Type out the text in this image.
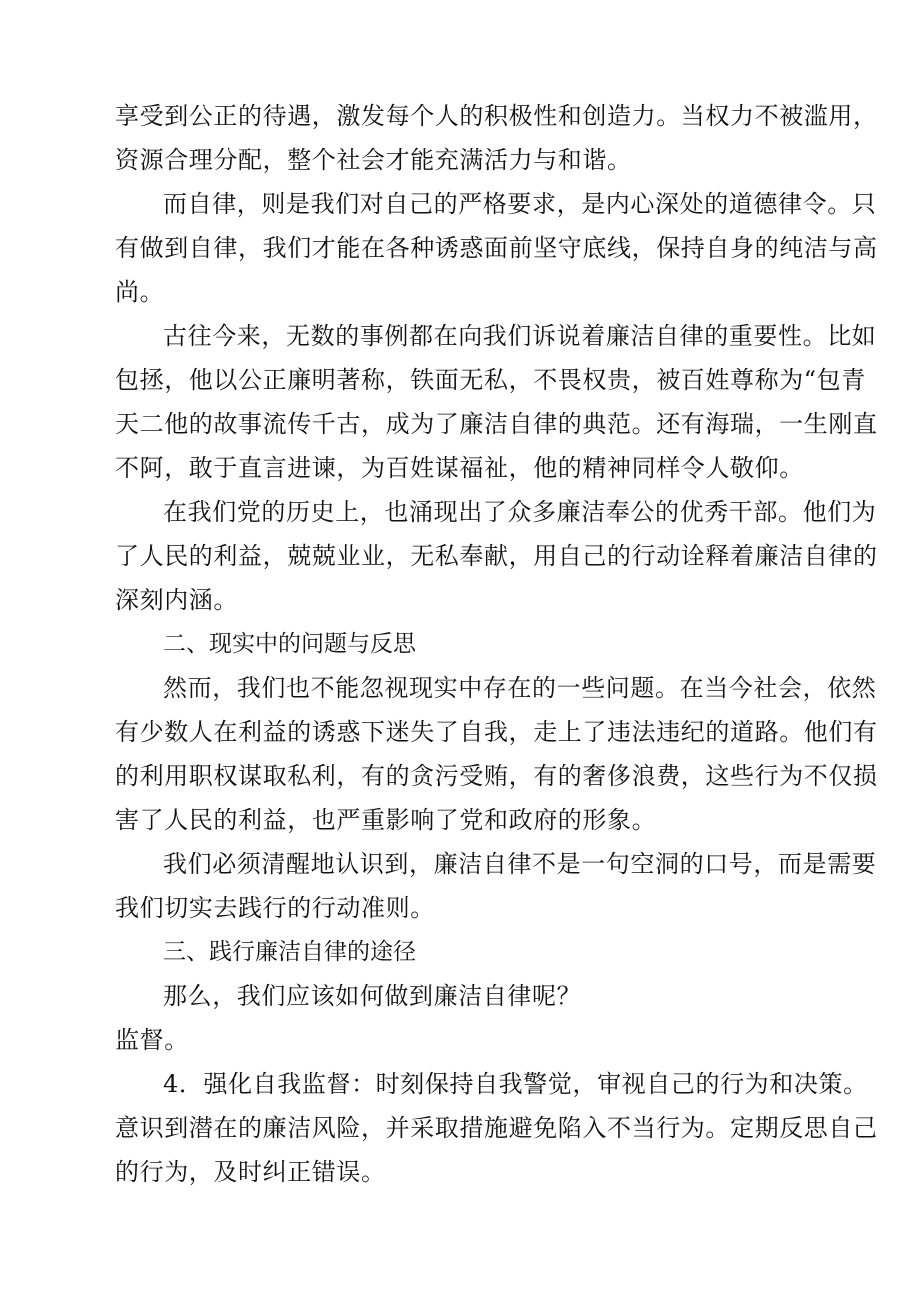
享受到公正的待遇，激发每个人的积极性和创造力。当权力不被滥用，
资源合理分配，整个社会才能充满活力与和谐。
而自律，则是我们对自己的严格要求，是内心深处的道德律令。只
有做到自律，我们才能在各种诱惑面前坚守底线，保持自身的纯洁与高
尚。
古往今来，无数的事例都在向我们诉说着廉洁自律的重要性。比如
包拯，他以公正廉明著称，铁面无私，不畏权贵，被百姓尊称为“包青
天二他的故事流传千古，成为了廉洁自律的典范。还有海瑞，一生刚直
不阿，敢于直言进谏，为百姓谋福祉，他的精神同样令人敬仰。
在我们党的历史上，也涌现出了众多廉洁奉公的优秀干部。他们为
了人民的利益，兢兢业业，无私奉献，用自己的行动诠释着廉洁自律的
深刻内涵。
二、现实中的问题与反思
然而，我们也不能忽视现实中存在的一些问题。在当今社会，依然
有少数人在利益的诱惑下迷失了自我，走上了违法违纪的道路。他们有
的利用职权谋取私利，有的贪污受贿，有的奢侈浪费，这些行为不仅损
害了人民的利益，也严重影响了党和政府的形象。
我们必须清醒地认识到，廉洁自律不是一句空洞的口号，而是需要
我们切实去践行的行动准则。
三、践行廉洁自律的途径
那么，我们应该如何做到廉洁自律呢？
监督。
4．强化自我监督：时刻保持自我警觉，审视自己的行为和决策。
意识到潜在的廉洁风险，并采取措施避免陷入不当行为。定期反思自己
的行为，及时纠正错误。
